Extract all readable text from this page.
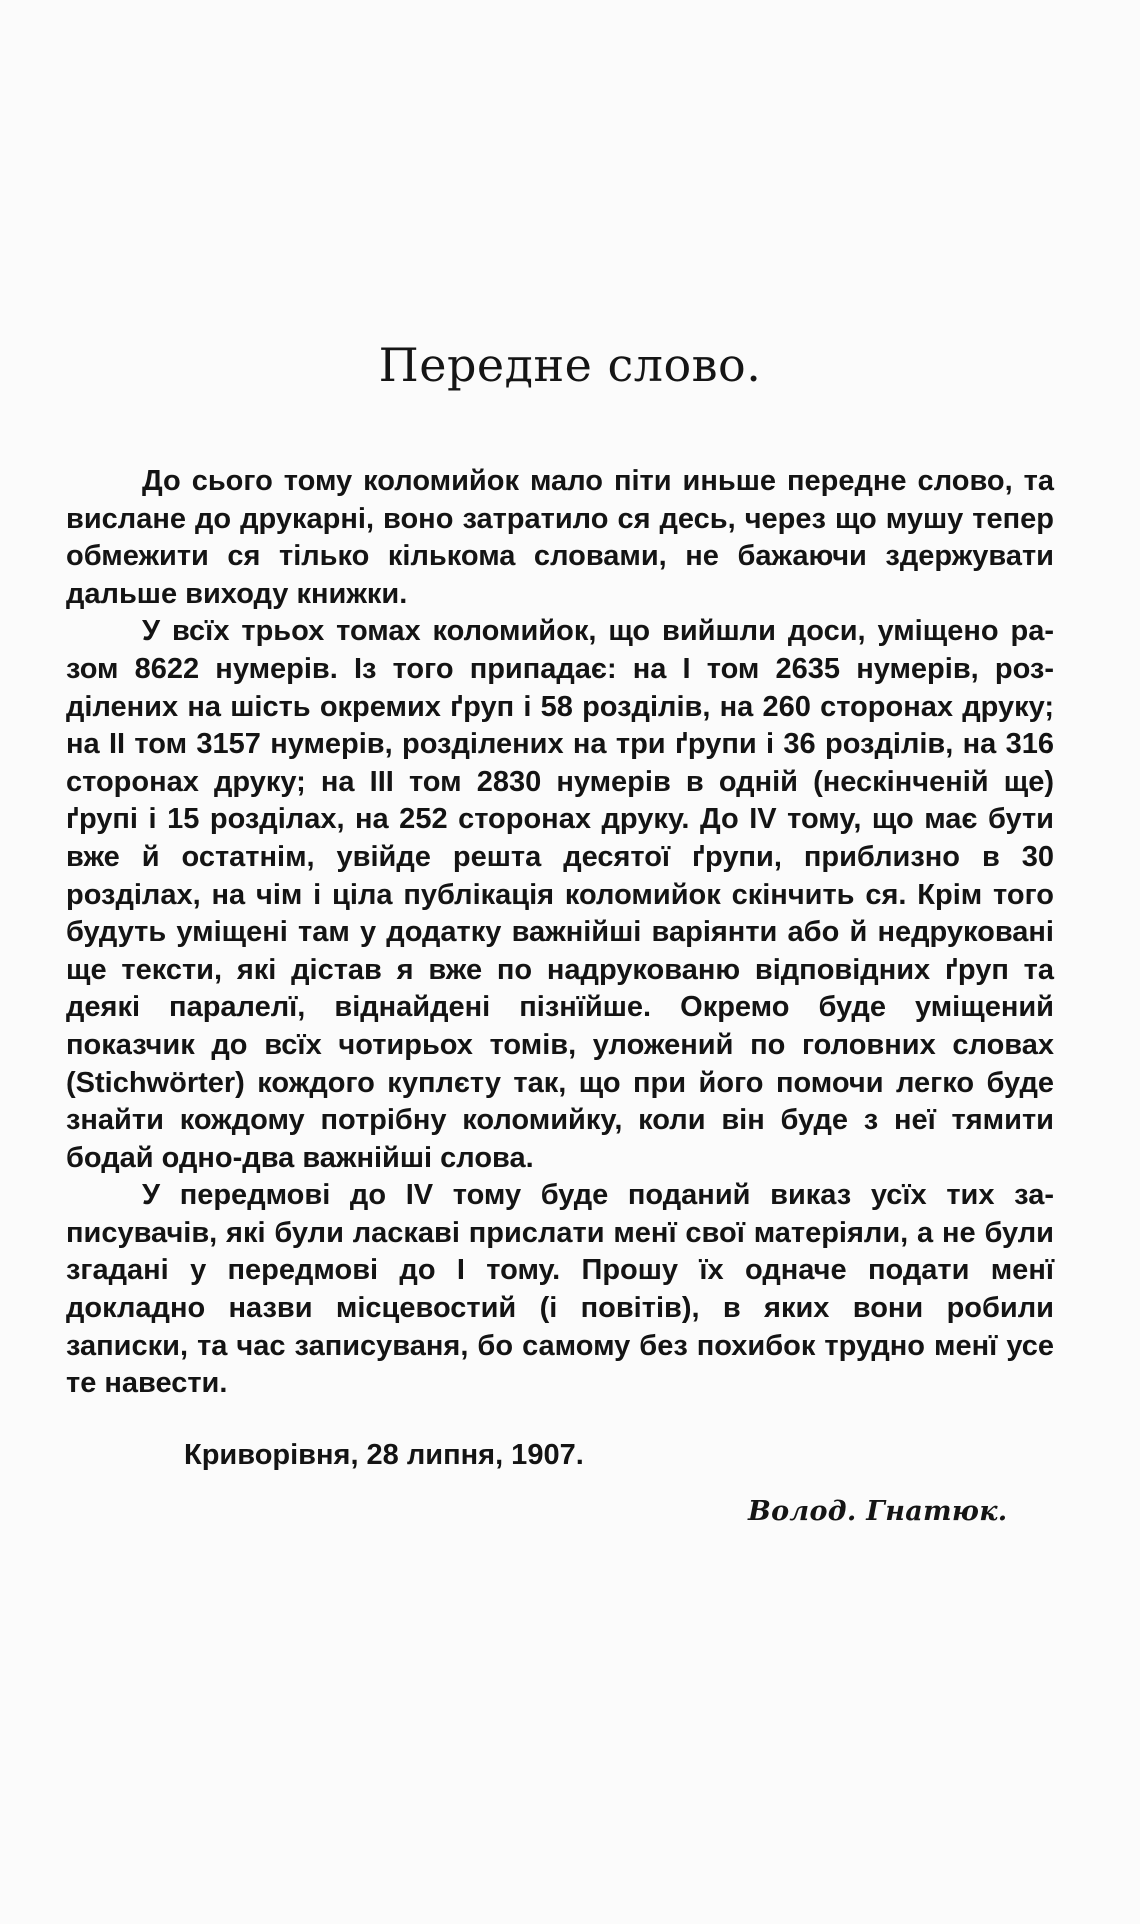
Передне слово.

До сього тому коломийок мало піти иньше передне слово, та вислане до друкарні, воно затратило ся десь, через що мушу тепер обмежити ся тілько кількома словами, не бажаючи здержувати дальше виходу книжки.

У всїх трьох томах коломийок, що вийшли доси, уміщено разом 8622 нумерів. Із того припадає: на І том 2635 нумерів, розділених на шість окремих ґруп і 58 розділів, на 260 сторонах друку; на II том 3157 нумерів, розділених на три ґрупи і 36 розділів, на 316 сторонах друку; на III том 2830 нумерів в одній (нескінченій ще) ґрупі і 15 розділах, на 252 сторонах друку. До IV тому, що має бути вже й остатнім, увійде решта десятої ґрупи, приблизно в 30 розділах, на чім і ціла публікація коломийок скінчить ся. Крім того будуть уміщені там у додатку важнійші варіянти або й недруковані ще тексти, які дістав я вже по надрукованю відповідних ґруп та деякі паралелї, віднайдені пізнїйше. Окремо буде уміщений показчик до всїх чотирьох томів, уложений по головних словах (Stichwörter) кождого куплєту так, що при його помочи легко буде знайти кождому потрібну коломийку, коли він буде з неї тямити бодай одно-два важнійші слова.

У передмові до IV тому буде поданий виказ усїх тих записувачів, які були ласкаві прислати менї свої матеріяли, а не були згадані у передмові до I тому. Прошу їх одначе подати менї докладно назви місцевостий (і повітів), в яких вони робили записки, та час записуваня, бо самому без похибок трудно менї усе те навести.

Криворівня, 28 липня, 1907.
Волод. Гнатюк.
